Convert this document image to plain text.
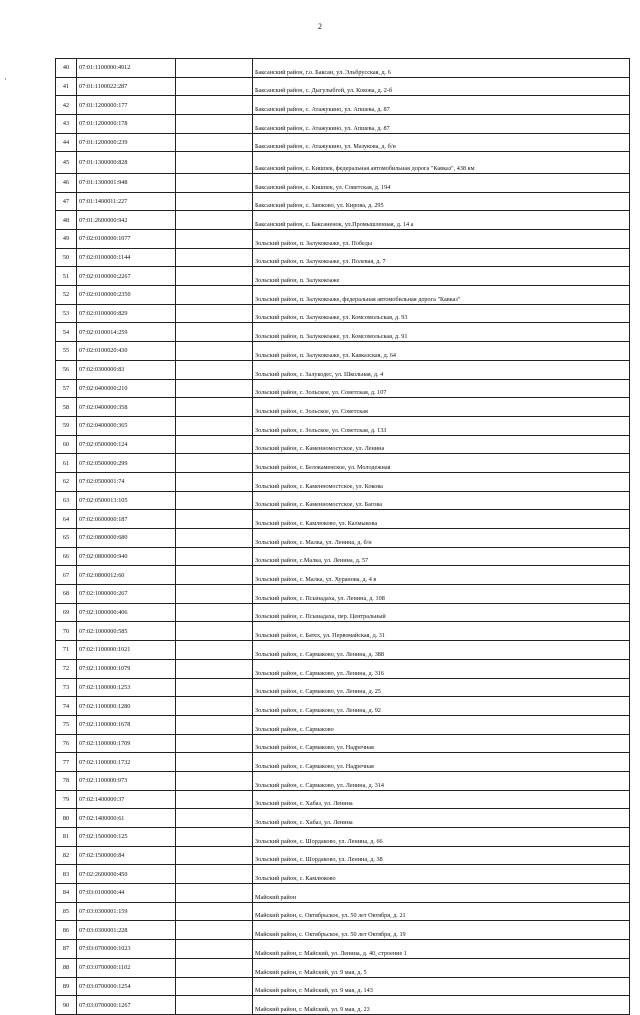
2
·
40	07:01:1100000:4912		Баксанский район, г.о. Баксан, ул. Эльбрусская, д. 6
41	07:01:1100022:287		Баксанский район, с. Дыгулыбгей, ул. Кокова, д. 2-б
42	07:01:1200000:177		Баксанский район, с. Атажукино, ул. Апшева, д. 87
43	07:01:1200000:178		Баксанский район, с. Атажукино, ул. Апшева, д. 87
44	07:01:1200000:239		Баксанский район, с. Атажукино, ул. Мазукова, д. б/н
45	07:01:1300000:828		Баксанский район, с. Кишпек, федеральная автомобильная дорога "Кавказ", 438 км
46	07:01:1300001:948		Баксанский район, с. Кишпек, ул. Советская, д. 194
47	07:01:1400011:227		Баксанский район, с. Заюково, ул. Кирова, д. 295
48	07:01:2600000:942		Баксанский район, с. Баксаненок, ул.Промышленная, д. 14 а
49	07:02:0100000:1077		Зольский район, п. Залукокоаже, ул. Победы
50	07:02:0100000:1144		Зольский район, п. Залукокоаже, ул. Полевая, д. 7
51	07:02:0100000:2267		Зольский район, п. Залукокоаже
52	07:02:0100000:2350		Зольский район, п. Залукокоаже, федеральная автомобильная дорога "Кавказ"
53	07:02:0100000:829		Зольский район, п. Залукокоаже, ул. Комсомольская, д. 93
54	07:02:0100014:259		Зольский район, п. Залукокоаже, ул. Комсомольская, д. 91
55	07:02:0100020:430		Зольский район, п. Залукокоаже, ул. Кавказская, д. 64
56	07:02:0300000:83		Зольский район, с. Залукодес, ул. Школьная, д. 4
57	07:02:0400000:210		Зольский район, с. Зольское, ул. Советская, д. 107
58	07:02:0400000:358		Зольский район, с. Зольское, ул. Советская
59	07:02:0400000:365		Зольский район, с. Зольское, ул. Советская, д. 133
60	07:02:0500000:124		Зольский район, с. Каменномостское, ул. Ленина
61	07:02:0500000:299		Зольский район, с. Белокаменское, ул. Молодежная
62	07:02:0500001:74		Зольский район, с. Каменномостское, ул. Кокова
63	07:02:0500013:105		Зольский район, с. Каменномостское, ул. Багова
64	07:02:0600000:187		Зольский район, с. Камлюково, ул. Калмыкова
65	07:02:0800000:680		Зольский район, с. Малка, ул. Ленина, д. б/н
66	07:02:0800000:940		Зольский район, с.Малка, ул. Ленина, д. 57
67	07:02:0800012:60		Зольский район, с. Малка, ул. Хуранова, д. 4 в
68	07:02:1000000:267		Зольский район, с. Псынадаха, ул. Ленина, д. 108
69	07:02:1000000:406		Зольский район, с. Псынадаха, пер. Центральный
70	07:02:1000000:585		Зольский район, с. Батех, ул. Первомайская, д. 31
71	07:02:1100000:1021		Зольский район, с. Сармаково, ул. Ленина, д. 388
72	07:02:1100000:1079		Зольский район, с. Сармаково, ул. Ленина, д. 316
73	07:02:1100000:1253		Зольский район, с. Сармаково, ул. Ленина, д. 25
74	07:02:1100000:1280		Зольский район, с. Сармаково, ул. Ленина, д. 92
75	07:02:1100000:1678		Зольский район, с. Сармаково
76	07:02:1100000:1709		Зольский район, с. Сармаково, ул. Надречная
77	07:02:1100000:1732		Зольский район, с. Сармаково, ул. Надречная
78	07:02:1100000:973		Зольский район, с. Сармаково, ул. Ленина, д. 314
79	07:02:1400000:37		Зольский район, с. Хабаз, ул. Ленина
80	07:02:1400000:61		Зольский район, с. Хабаз, ул. Ленина
81	07:02:1500000:125		Зольский район, с. Шордаково, ул. Ленина, д. 66
82	07:02:1500000:84		Зольский район, с. Шордаково, ул. Ленина, д. 38
83	07:02:2600000:450		Зольский район, с. Камлюково
84	07:03:0100000:44		Майский район
85	07:03:0300001:159		Майский район, с. Октябрьское, ул. 50 лет Октября, д. 21
86	07:03:0300001:228		Майский район, с. Октябрьское, ул. 50 лет Октября, д. 19
87	07:03:0700000:1023		Майский район, г. Майский, ул. Ленина, д. 40, строение 1
88	07:03:0700000:1102		Майский район, г. Майский, ул. 9 мая, д. 5
89	07:03:0700000:1254		Майский район, г. Майский, ул. 9 мая, д. 143
90	07:03:0700000:1267		Майский район, г. Майский, ул. 9 мая, д. 23
